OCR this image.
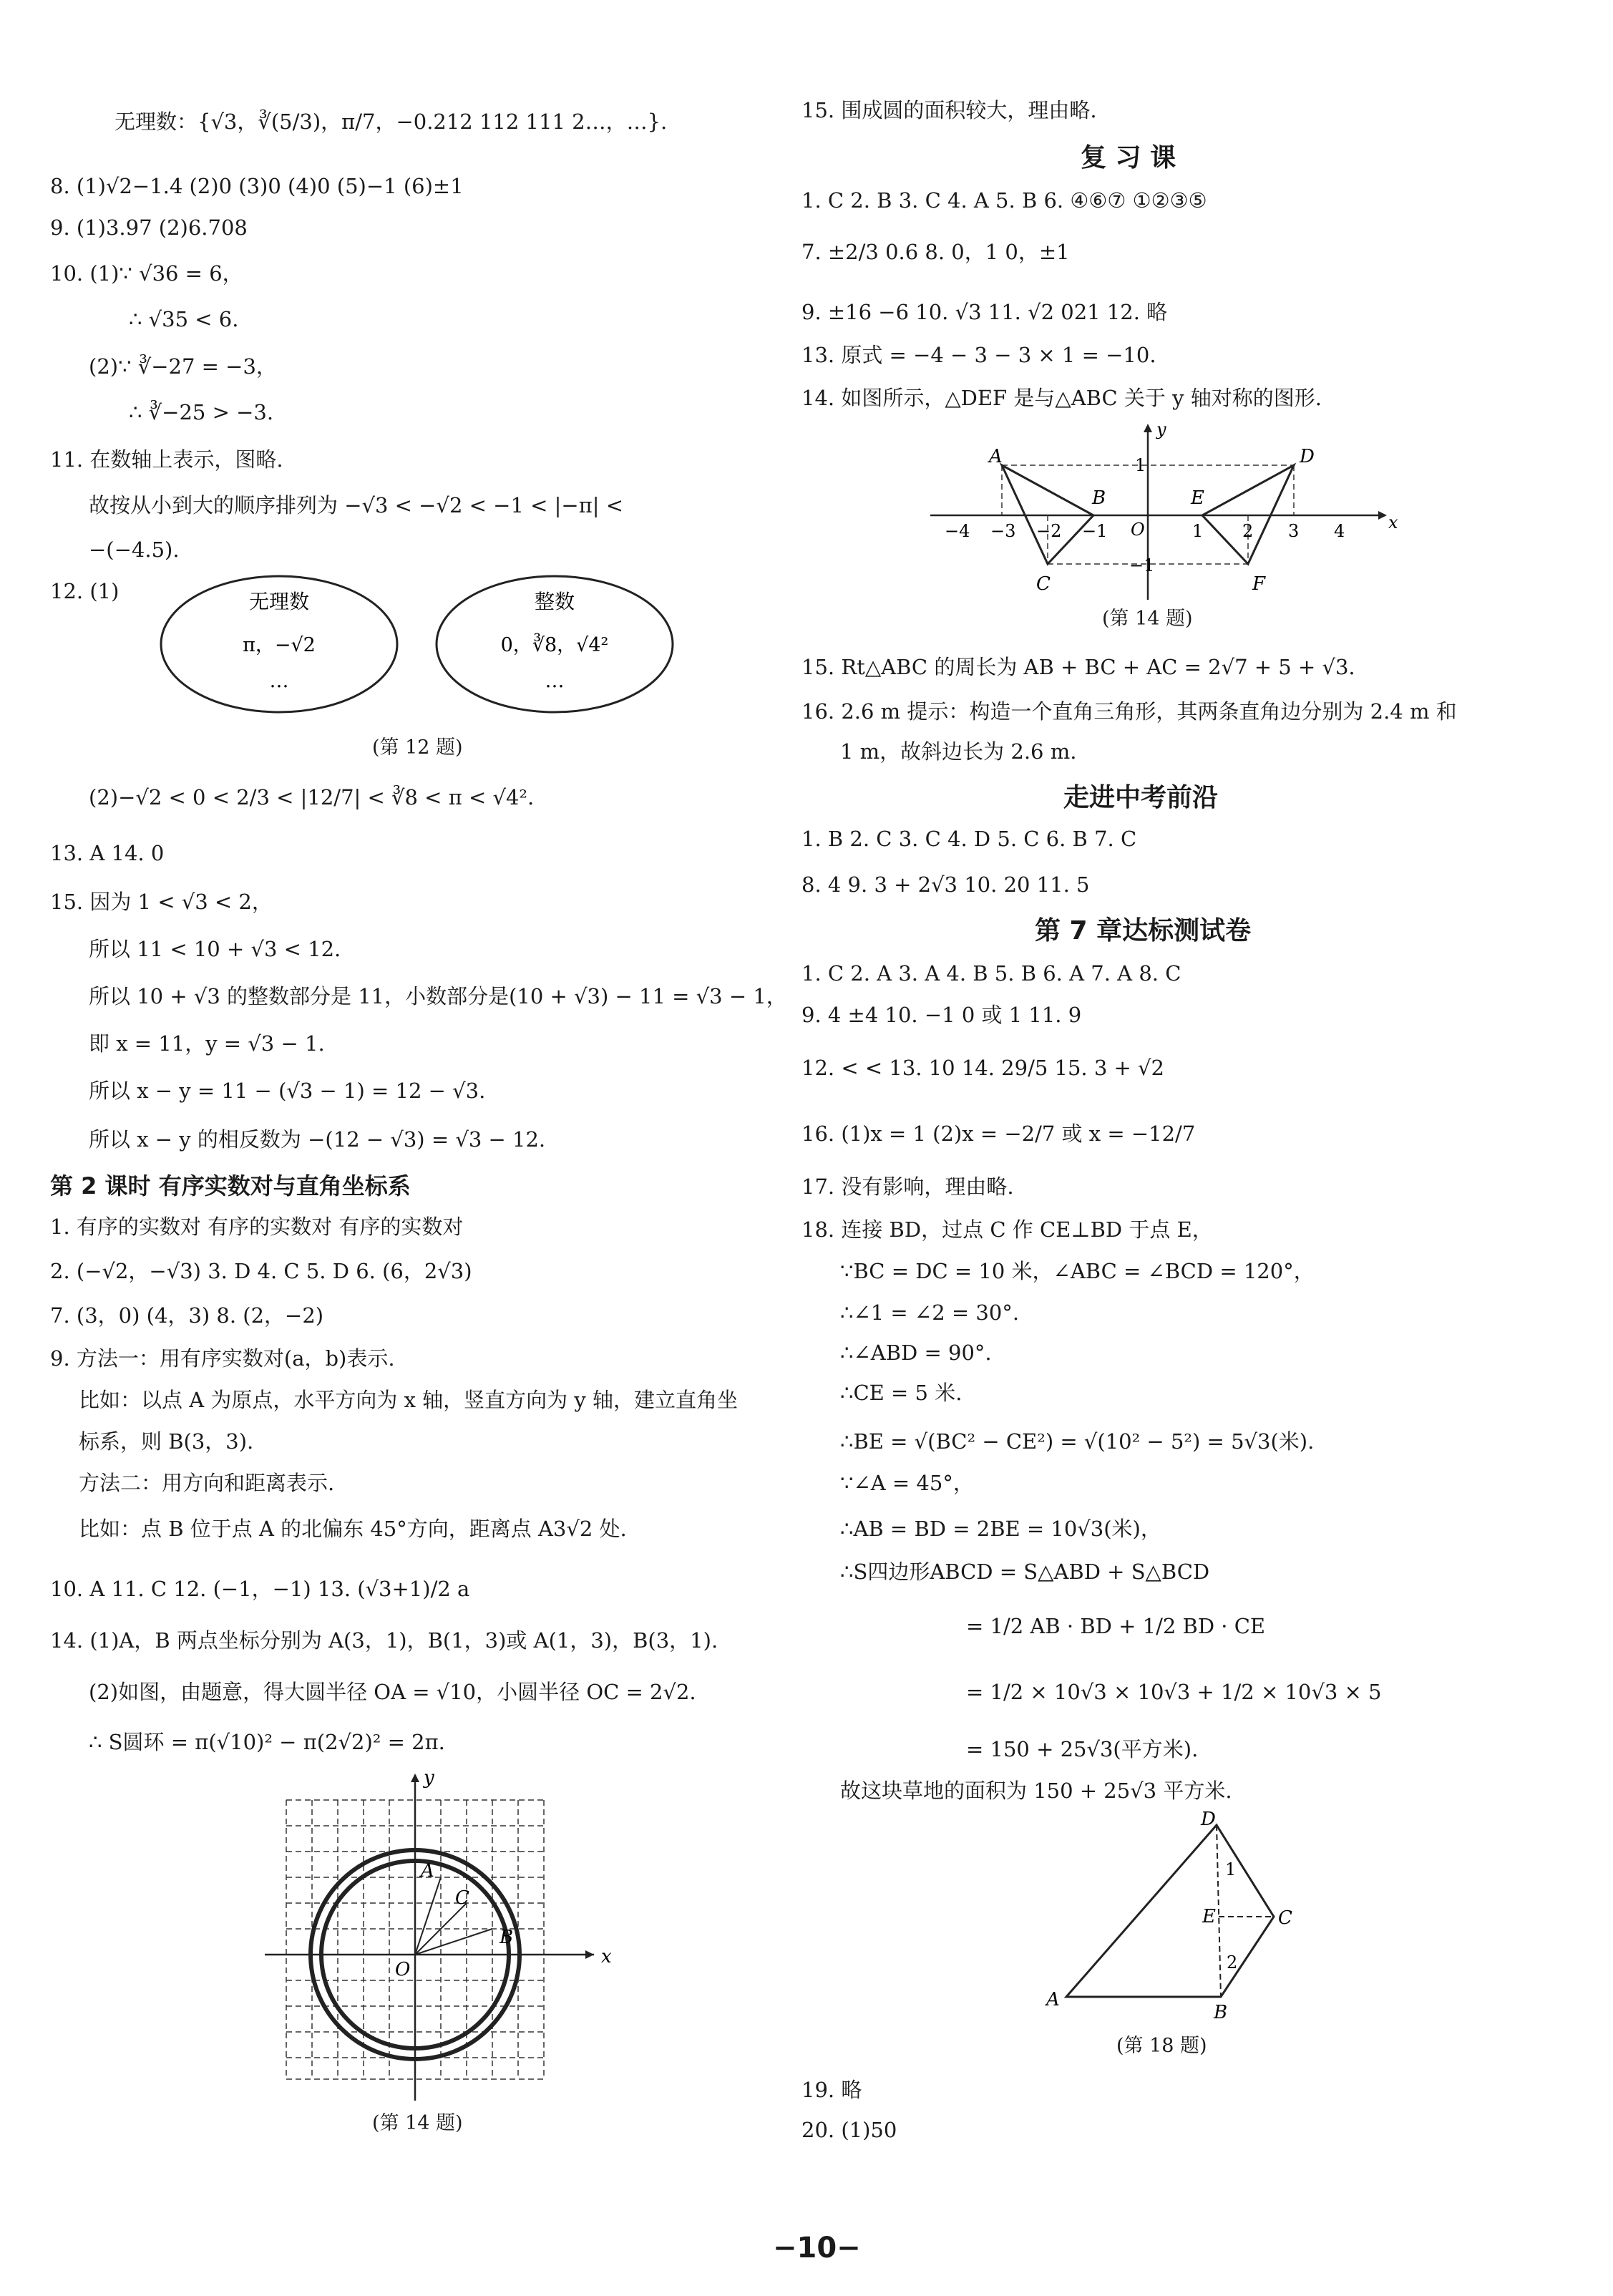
无理数：{√3，∛(5/3)，π/7，−0.212 112 111 2…，…}.
8. (1)√2−1.4 (2)0 (3)0 (4)0 (5)−1 (6)±1
9. (1)3.97 (2)6.708
10. (1)∵ √36 = 6，
∴ √35 < 6.
(2)∵ ∛−27 = −3，
∴ ∛−25 > −3.
11. 在数轴上表示，图略.
故按从小到大的顺序排列为 −√3 < −√2 < −1 < |−π| <
−(−4.5).
12. (1)	无理数
π，−√2
…
整数
0，∛8，√4²
…
(第 12 题)
(2)−√2 < 0 < 2/3 < |12/7| < ∛8 < π < √4².
13. A 14. 0
15. 因为 1 < √3 < 2，
所以 11 < 10 + √3 < 12.
所以 10 + √3 的整数部分是 11，小数部分是(10 + √3) − 11 = √3 − 1，
即 x = 11，y = √3 − 1.
所以 x − y = 11 − (√3 − 1) = 12 − √3.
所以 x − y 的相反数为 −(12 − √3) = √3 − 12.
第 2 课时 有序实数对与直角坐标系
1. 有序的实数对 有序的实数对 有序的实数对
2. (−√2，−√3) 3. D 4. C 5. D 6. (6，2√3)
7. (3，0) (4，3) 8. (2，−2)
9. 方法一：用有序实数对(a，b)表示.
比如：以点 A 为原点，水平方向为 x 轴，竖直方向为 y 轴，建立直角坐
标系，则 B(3，3).
方法二：用方向和距离表示.
比如：点 B 位于点 A 的北偏东 45°方向，距离点 A3√2 处.
10. A 11. C 12. (−1，−1) 13. (√3+1)/2 a
14. (1)A，B 两点坐标分别为 A(3，1)，B(1，3)或 A(1，3)，B(3，1).
(2)如图，由题意，得大圆半径 OA = √10，小圆半径 OC = 2√2.
∴ S圆环 = π(√10)² − π(2√2)² = 2π.
A
C
B
O
x
y
(第 14 题)
15. 围成圆的面积较大，理由略.
复 习 课
1. C 2. B 3. C 4. A 5. B 6. ④⑥⑦ ①②③⑤
7. ±2/3 0.6 8. 0，1 0，±1
9. ±16 −6 10. √3 11. √2 021 12. 略
13. 原式 = −4 − 3 − 3 × 1 = −10.
14. 如图所示，△DEF 是与△ABC 关于 y 轴对称的图形.
A
B
C
D
E
F
O	x
y
−4 −3 −2 −1	1 2 3 4
1
−1
(第 14 题)
15. Rt△ABC 的周长为 AB + BC + AC = 2√7 + 5 + √3.
16. 2.6 m 提示：构造一个直角三角形，其两条直角边分别为 2.4 m 和
1 m，故斜边长为 2.6 m.
走进中考前沿
1. B 2. C 3. C 4. D 5. C 6. B 7. C
8. 4 9. 3 + 2√3 10. 20 11. 5
第 7 章达标测试卷
1. C 2. A 3. A 4. B 5. B 6. A 7. A 8. C
9. 4 ±4 10. −1 0 或 1 11. 9
12. < < 13. 10 14. 29/5 15. 3 + √2
16. (1)x = 1 (2)x = −2/7 或 x = −12/7
17. 没有影响，理由略.
18. 连接 BD，过点 C 作 CE⊥BD 于点 E，
∵BC = DC = 10 米，∠ABC = ∠BCD = 120°，
∴∠1 = ∠2 = 30°.
∴∠ABD = 90°.
∴CE = 5 米.
∴BE = √(BC² − CE²) = √(10² − 5²) = 5√3(米).
∵∠A = 45°，
∴AB = BD = 2BE = 10√3(米)，
∴S四边形ABCD = S△ABD + S△BCD
= 1/2 AB · BD + 1/2 BD · CE
= 1/2 × 10√3 × 10√3 + 1/2 × 10√3 × 5
= 150 + 25√3(平方米).
故这块草地的面积为 150 + 25√3 平方米.
D
E	C
A
B
1
2
(第 18 题)
19. 略
20. (1)50
−10−
